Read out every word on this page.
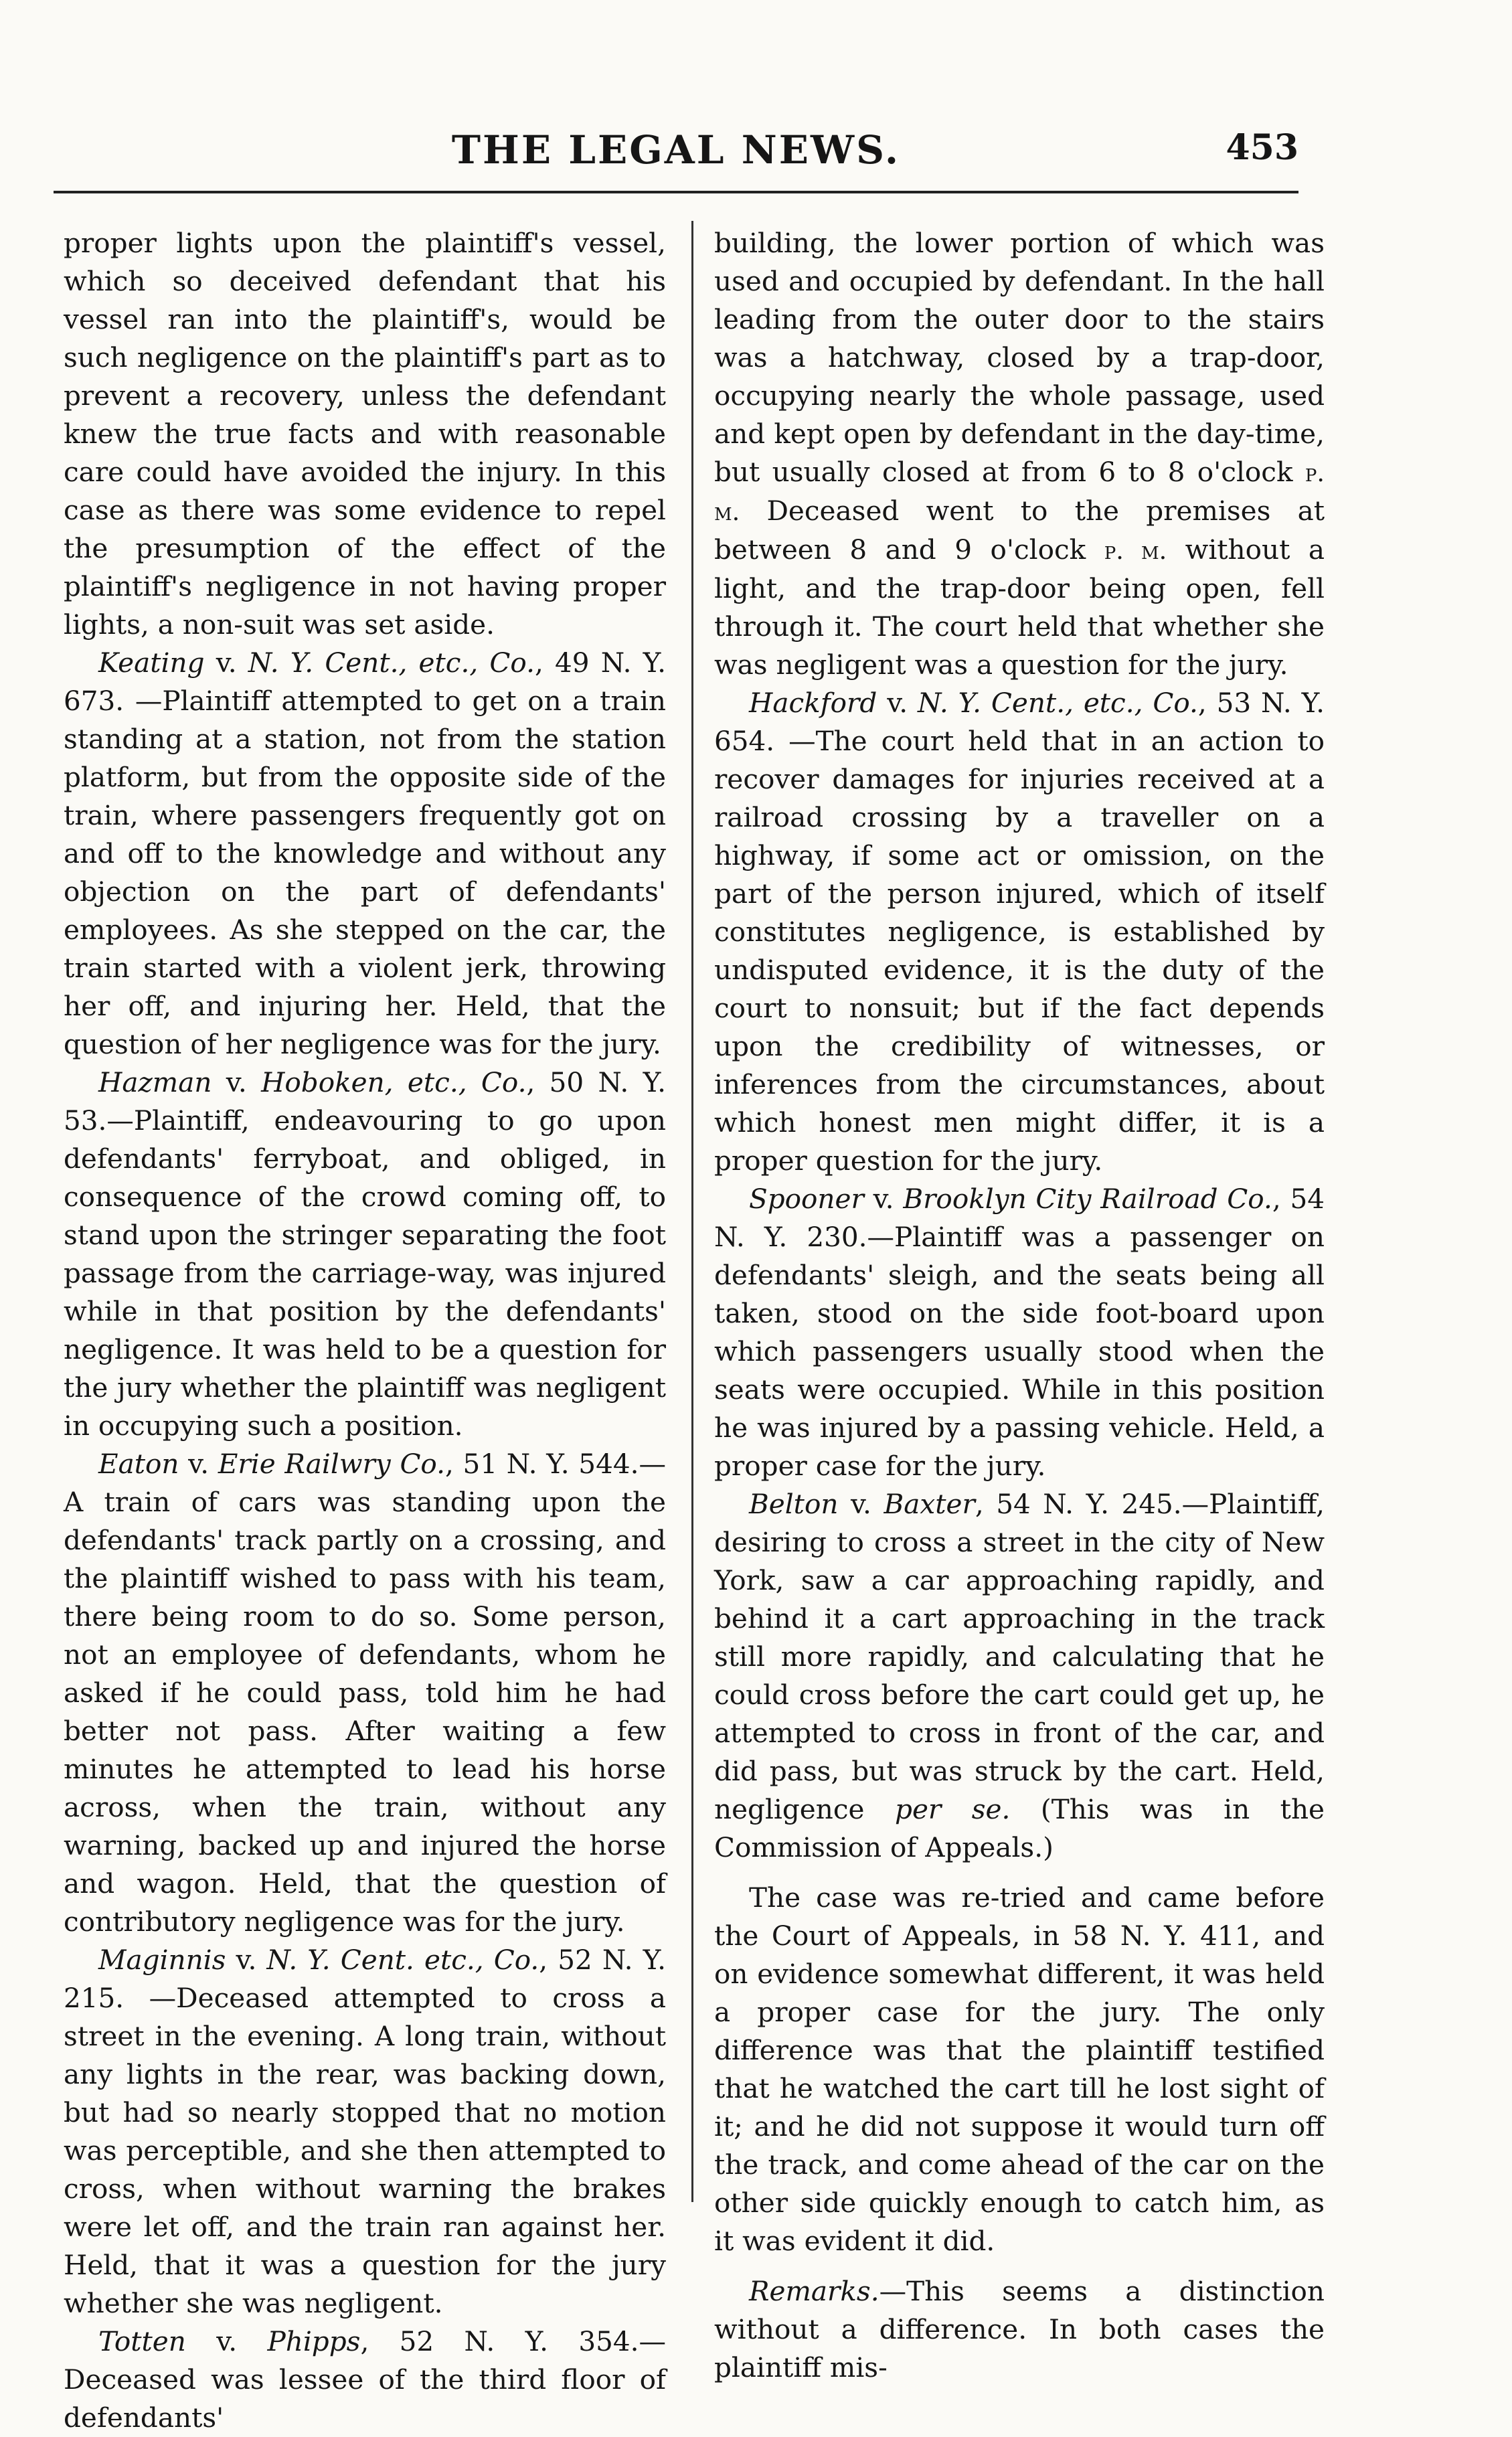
THE LEGAL NEWS.	453

proper lights upon the plaintiff's vessel, which so deceived defendant that his vessel ran into the plaintiff's, would be such negligence on the plaintiff's part as to prevent a recovery, unless the defendant knew the true facts and with reasonable care could have avoided the injury. In this case as there was some evidence to repel the presumption of the effect of the plaintiff's negligence in not having proper lights, a non-suit was set aside.

Keating v. N. Y. Cent., etc., Co., 49 N. Y. 673. —Plaintiff attempted to get on a train standing at a station, not from the station platform, but from the opposite side of the train, where passengers frequently got on and off to the knowledge and without any objection on the part of defendants' employees. As she stepped on the car, the train started with a violent jerk, throwing her off, and injuring her. Held, that the question of her negligence was for the jury.

Hazman v. Hoboken, etc., Co., 50 N. Y. 53.—Plaintiff, endeavouring to go upon defendants' ferryboat, and obliged, in consequence of the crowd coming off, to stand upon the stringer separating the foot passage from the carriage-way, was injured while in that position by the defendants' negligence. It was held to be a question for the jury whether the plaintiff was negligent in occupying such a position.

Eaton v. Erie Railwry Co., 51 N. Y. 544.—A train of cars was standing upon the defendants' track partly on a crossing, and the plaintiff wished to pass with his team, there being room to do so. Some person, not an employee of defendants, whom he asked if he could pass, told him he had better not pass. After waiting a few minutes he attempted to lead his horse across, when the train, without any warning, backed up and injured the horse and wagon. Held, that the question of contributory negligence was for the jury.

Maginnis v. N. Y. Cent. etc., Co., 52 N. Y. 215. —Deceased attempted to cross a street in the evening. A long train, without any lights in the rear, was backing down, but had so nearly stopped that no motion was perceptible, and she then attempted to cross, when without warning the brakes were let off, and the train ran against her. Held, that it was a question for the jury whether she was negligent.

Totten v. Phipps, 52 N. Y. 354.—Deceased was lessee of the third floor of defendants'

building, the lower portion of which was used and occupied by defendant. In the hall leading from the outer door to the stairs was a hatchway, closed by a trap-door, occupying nearly the whole passage, used and kept open by defendant in the day-time, but usually closed at from 6 to 8 o'clock p. m. Deceased went to the premises at between 8 and 9 o'clock p. m. without a light, and the trap-door being open, fell through it. The court held that whether she was negligent was a question for the jury.

Hackford v. N. Y. Cent., etc., Co., 53 N. Y. 654. —The court held that in an action to recover damages for injuries received at a railroad crossing by a traveller on a highway, if some act or omission, on the part of the person injured, which of itself constitutes negligence, is established by undisputed evidence, it is the duty of the court to nonsuit; but if the fact depends upon the credibility of witnesses, or inferences from the circumstances, about which honest men might differ, it is a proper question for the jury.

Spooner v. Brooklyn City Railroad Co., 54 N. Y. 230.—Plaintiff was a passenger on defendants' sleigh, and the seats being all taken, stood on the side foot-board upon which passengers usually stood when the seats were occupied. While in this position he was injured by a passing vehicle. Held, a proper case for the jury.

Belton v. Baxter, 54 N. Y. 245.—Plaintiff, desiring to cross a street in the city of New York, saw a car approaching rapidly, and behind it a cart approaching in the track still more rapidly, and calculating that he could cross before the cart could get up, he attempted to cross in front of the car, and did pass, but was struck by the cart. Held, negligence per se. (This was in the Commission of Appeals.)

The case was re-tried and came before the Court of Appeals, in 58 N. Y. 411, and on evidence somewhat different, it was held a proper case for the jury. The only difference was that the plaintiff testified that he watched the cart till he lost sight of it; and he did not suppose it would turn off the track, and come ahead of the car on the other side quickly enough to catch him, as it was evident it did.

Remarks.—This seems a distinction without a difference. In both cases the plaintiff mis-
